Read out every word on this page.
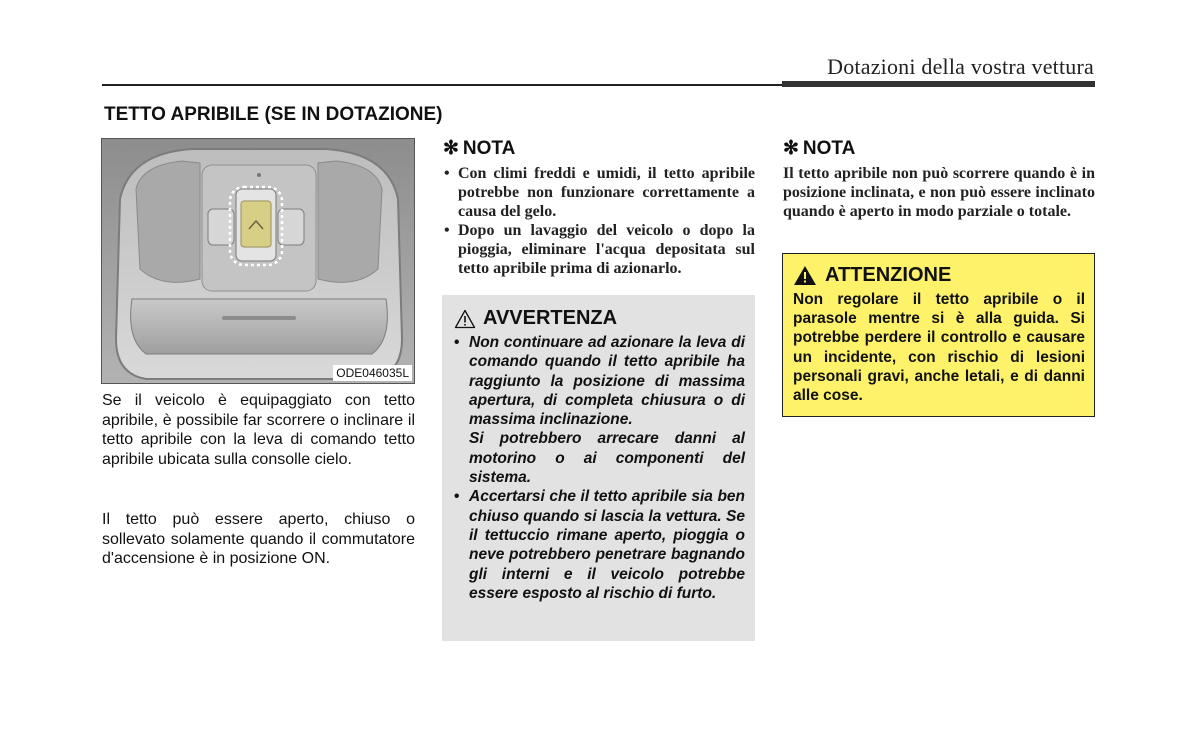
Dotazioni della vostra vettura
TETTO APRIBILE (SE IN DOTAZIONE)
ODE046035L
Se il veicolo è equipaggiato con tetto apribile, è possibile far scorrere o inclinare il tetto apribile con la leva di comando tetto apribile ubicata sulla consolle cielo.
Il tetto può essere aperto, chiuso o sollevato solamente quando il commutatore d'accensione è in posizione ON.
✻ NOTA
• Con climi freddi e umidi, il tetto apribile potrebbe non funzionare correttamente a causa del gelo.
• Dopo un lavaggio del veicolo o dopo la pioggia, eliminare l'acqua depositata sul tetto apribile prima di azionarlo.
AVVERTENZA

• Non continuare ad azionare la leva di comando quando il tetto apribile ha raggiunto la posizione di massima apertura, di completa chiusura o di massima inclinazione.

Si potrebbero arrecare danni al motorino o ai componenti del sistema.

• Accertarsi che il tetto apribile sia ben chiuso quando si lascia la vettura. Se il tettuccio rimane aperto, pioggia o neve potrebbero penetrare bagnando gli interni e il veicolo potrebbe essere esposto al rischio di furto.

✻ NOTA
Il tetto apribile non può scorrere quando è in posizione inclinata, e non può essere inclinato quando è aperto in modo parziale o totale.
ATTENZIONE
Non regolare il tetto apribile o il parasole mentre si è alla guida. Si potrebbe perdere il controllo e causare un incidente, con rischio di lesioni personali gravi, anche letali, e di danni alle cose.
